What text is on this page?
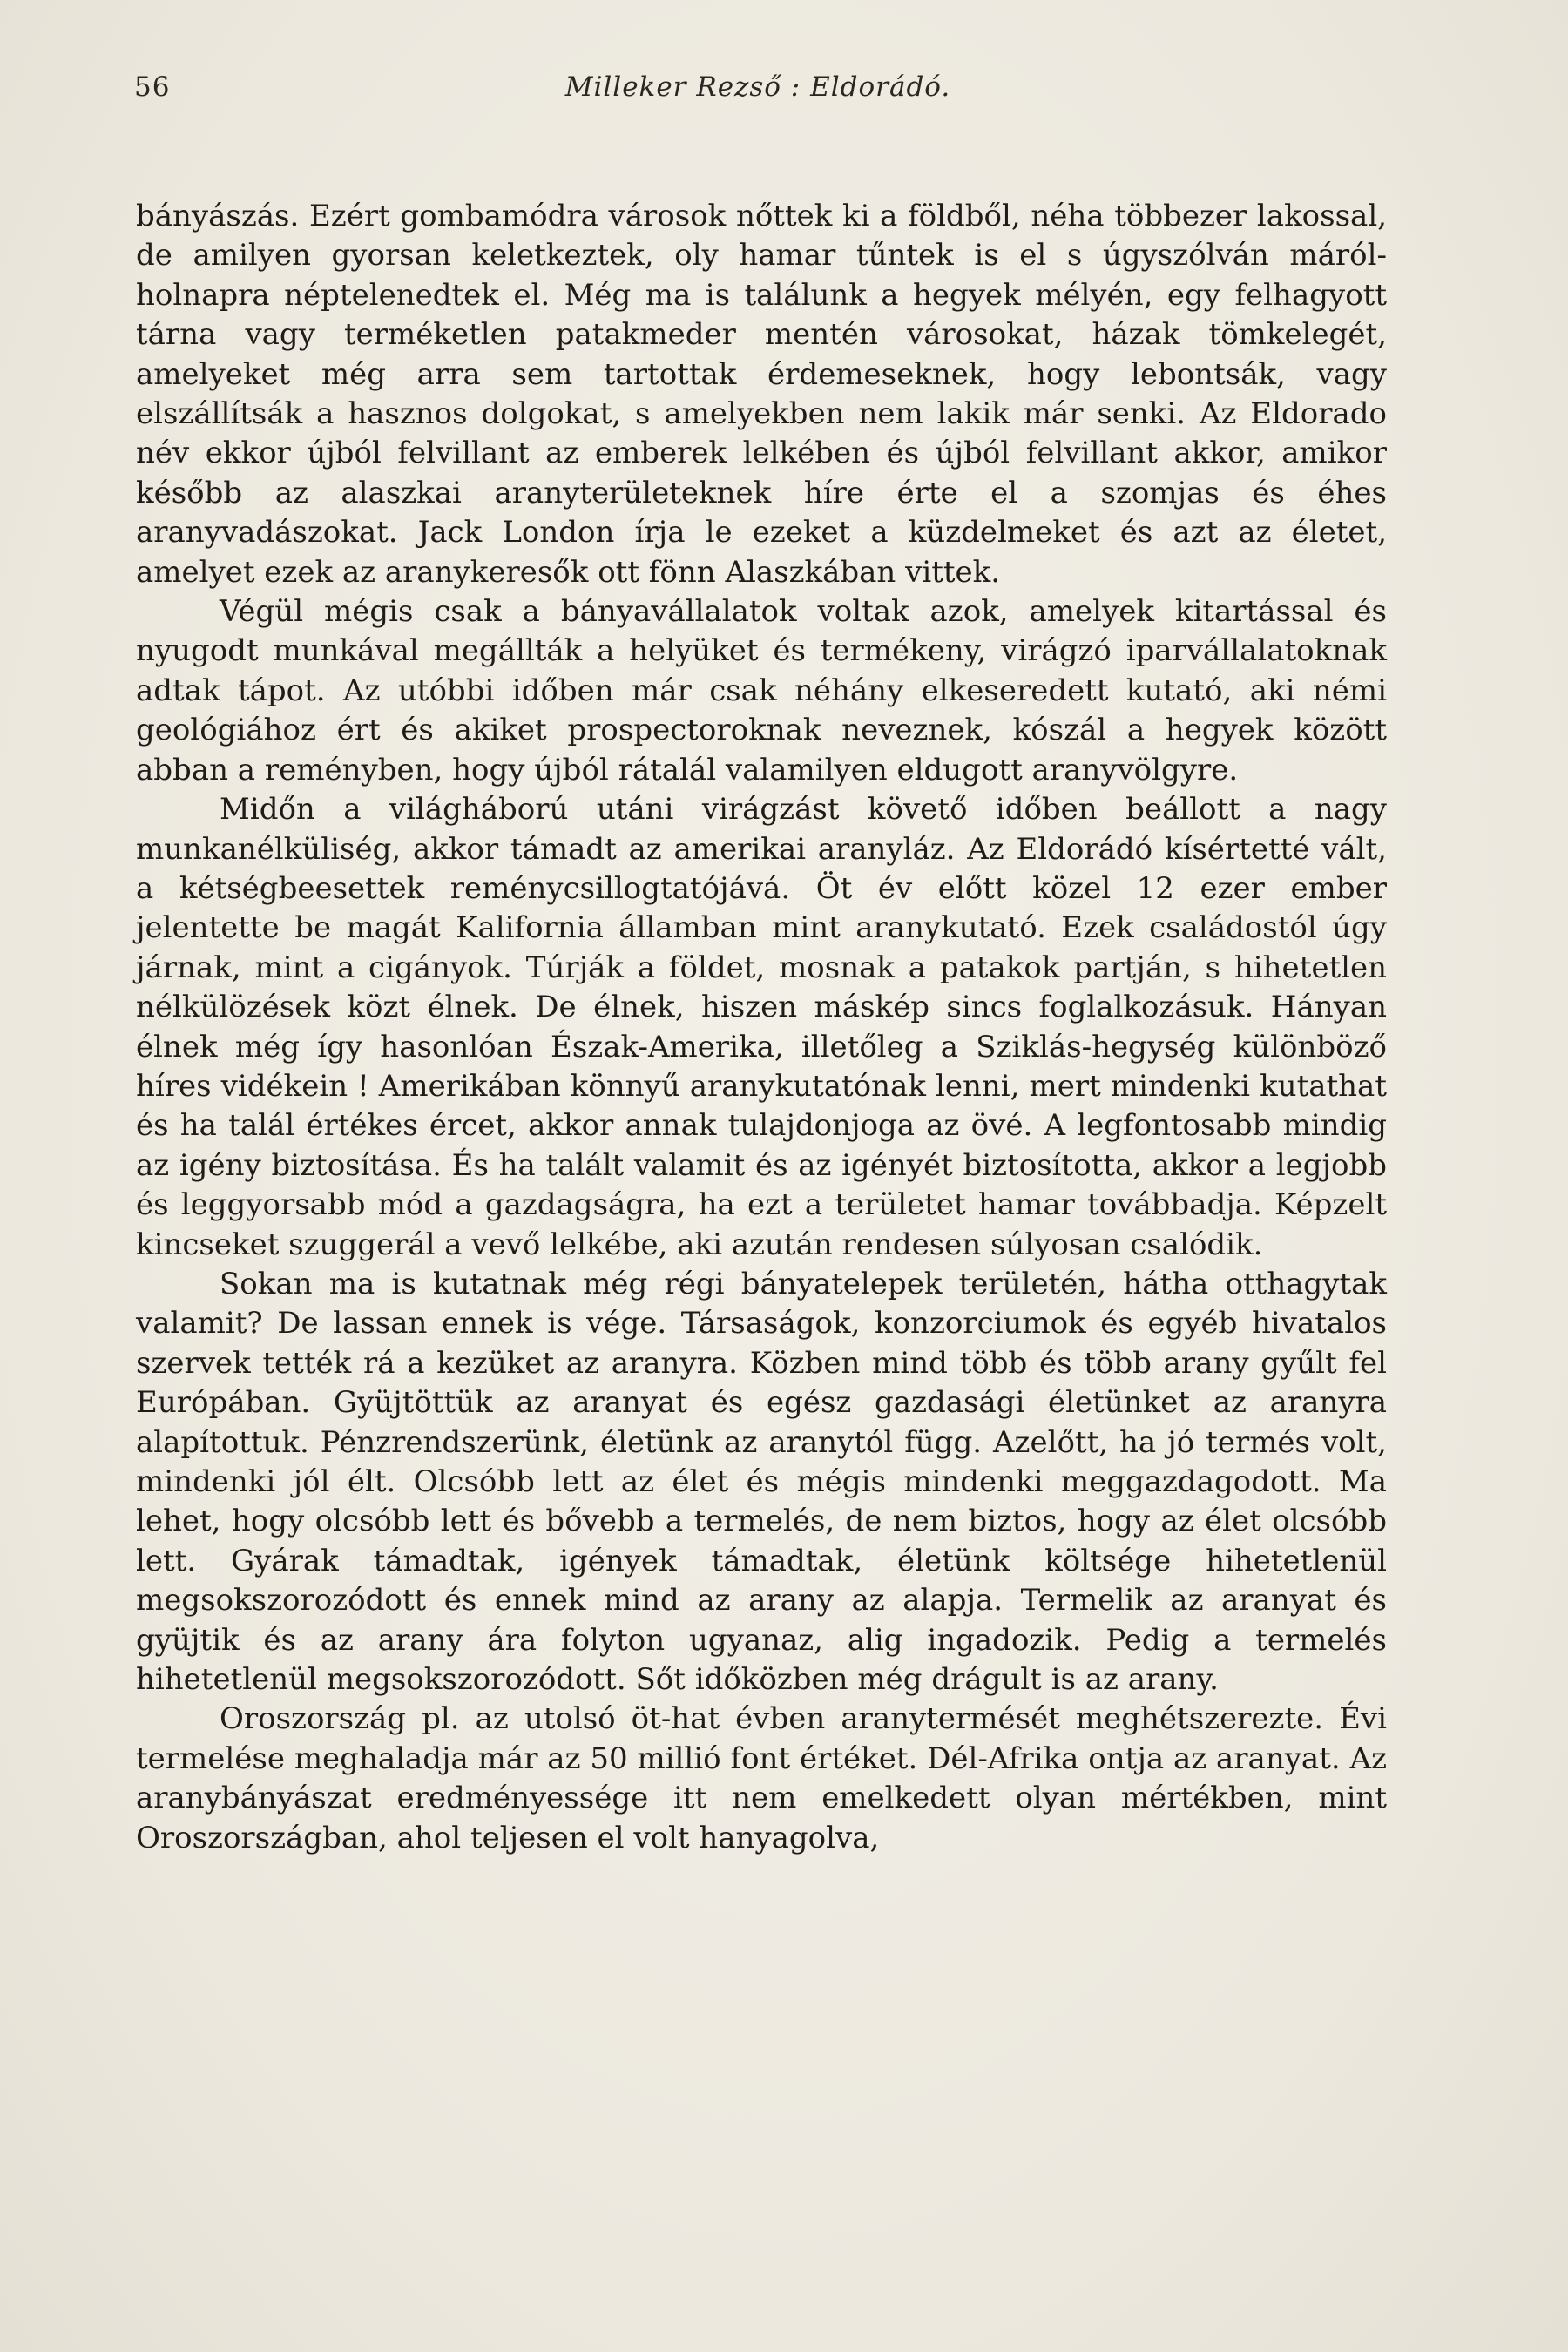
56	Milleker Rezső : Eldorádó.

bányászás. Ezért gombamódra városok nőttek ki a földből, néha többezer lakossal, de amilyen gyorsan keletkeztek, oly hamar tűntek is el s úgyszólván máról-holnapra néptelenedtek el. Még ma is találunk a hegyek mélyén, egy felhagyott tárna vagy terméketlen patakmeder mentén városokat, házak tömkelegét, amelyeket még arra sem tartottak érdemeseknek, hogy lebontsák, vagy elszállítsák a hasznos dolgokat, s amelyekben nem lakik már senki. Az Eldorado név ekkor újból felvillant az emberek lelkében és újból felvillant akkor, amikor később az alaszkai aranyterületeknek híre érte el a szomjas és éhes aranyvadászokat. Jack London írja le ezeket a küzdelmeket és azt az életet, amelyet ezek az aranykeresők ott fönn Alaszkában vittek.

Végül mégis csak a bányavállalatok voltak azok, amelyek kitartással és nyugodt munkával megállták a helyüket és termékeny, virágzó iparvállalatoknak adtak tápot. Az utóbbi időben már csak néhány elkeseredett kutató, aki némi geológiához ért és akiket prospectoroknak neveznek, kószál a hegyek között abban a reményben, hogy újból rátalál valamilyen eldugott aranyvölgyre.

Midőn a világháború utáni virágzást követő időben beállott a nagy munkanélküliség, akkor támadt az amerikai aranyláz. Az Eldorádó kísértetté vált, a kétségbeesettek reménycsillogtatójává. Öt év előtt közel 12 ezer ember jelentette be magát Kalifornia államban mint aranykutató. Ezek családostól úgy járnak, mint a cigányok. Túrják a földet, mosnak a patakok partján, s hihetetlen nélkülözések közt élnek. De élnek, hiszen máskép sincs foglalkozásuk. Hányan élnek még így hasonlóan Észak-Amerika, illetőleg a Sziklás-hegység különböző híres vidékein ! Amerikában könnyű aranykutatónak lenni, mert mindenki kutathat és ha talál értékes ércet, akkor annak tulajdonjoga az övé. A legfontosabb mindig az igény biztosítása. És ha talált valamit és az igényét biztosította, akkor a legjobb és leggyorsabb mód a gazdagságra, ha ezt a területet hamar továbbadja. Képzelt kincseket szuggerál a vevő lelkébe, aki azután rendesen súlyosan csalódik.

Sokan ma is kutatnak még régi bányatelepek területén, hátha otthagytak valamit? De lassan ennek is vége. Társaságok, konzorciumok és egyéb hivatalos szervek tették rá a kezüket az aranyra. Közben mind több és több arany gyűlt fel Európában. Gyüjtöttük az aranyat és egész gazdasági életünket az aranyra alapítottuk. Pénzrendszerünk, életünk az aranytól függ. Azelőtt, ha jó termés volt, mindenki jól élt. Olcsóbb lett az élet és mégis mindenki meggazdagodott. Ma lehet, hogy olcsóbb lett és bővebb a termelés, de nem biztos, hogy az élet olcsóbb lett. Gyárak támadtak, igények támadtak, életünk költsége hihetetlenül megsokszorozódott és ennek mind az arany az alapja. Termelik az aranyat és gyüjtik és az arany ára folyton ugyanaz, alig ingadozik. Pedig a termelés hihetetlenül megsokszorozódott. Sőt időközben még drágult is az arany.

Oroszország pl. az utolsó öt-hat évben aranytermését meghétszerezte. Évi termelése meghaladja már az 50 millió font értéket. Dél-Afrika ontja az aranyat. Az aranybányászat eredményessége itt nem emelkedett olyan mértékben, mint Oroszországban, ahol teljesen el volt hanyagolva,
